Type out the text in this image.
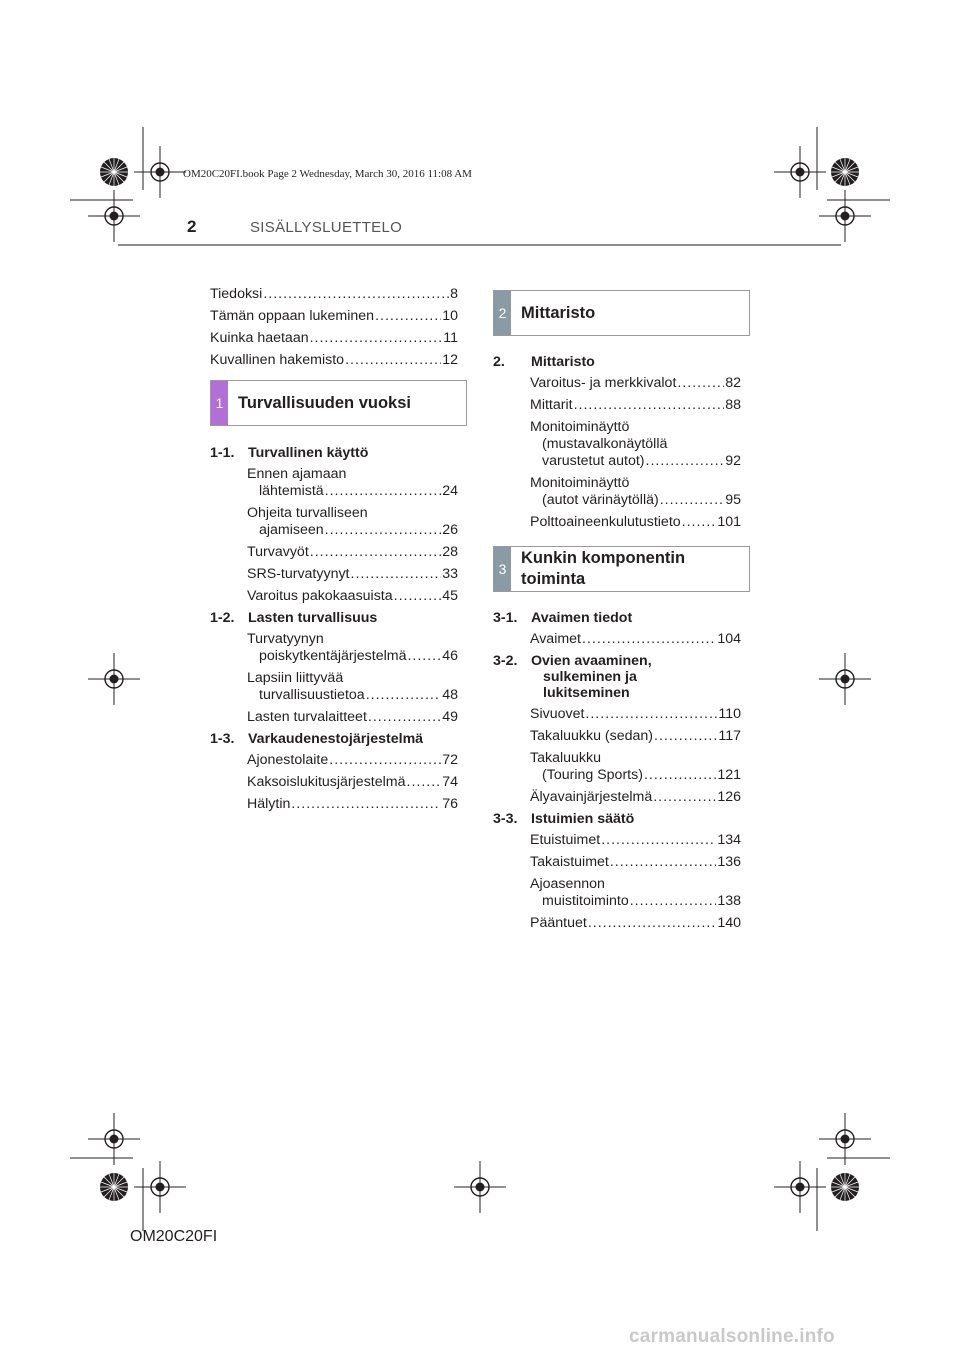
OM20C20FI.book Page 2 Wednesday, March 30, 2016 11:08 AM
2	SISÄLLYSLUETTELO
Tiedoksi .....	8
Tämän oppaan lukeminen .....	10
Kuinka haetaan .....	11
Kuvallinen hakemisto .....	12
1 Turvallisuuden vuoksi
1-1. Turvallinen käyttö
Ennen ajamaan
lähtemistä .....	24
Ohjeita turvalliseen
ajamiseen .....	26
Turvavyöt .....	28
SRS-turvatyynyt .....	33
Varoitus pakokaasuista .....	45
1-2. Lasten turvallisuus
Turvatyynyn
poiskytkentäjärjestelmä .....	46
Lapsiin liittyvää
turvallisuustietoa .....	48
Lasten turvalaitteet .....	49
1-3. Varkaudenestojärjestelmä
Ajonestolaite .....	72
Kaksoislukitusjärjestelmä .....	74
Hälytin .....	76
2 Mittaristo
2.	Mittaristo
Varoitus- ja merkkivalot .....	82
Mittarit .....	88
Monitoiminäyttö
(mustavalkonäytöllä
varustetut autot) .....	92
Monitoiminäyttö
(autot värinäytöllä) .....	95
Polttoaineenkulutustieto .....	101
3
Kunkin komponentin
toiminta
3-1. Avaimen tiedot
Avaimet .....	104
3-2. Ovien avaaminen,
sulkeminen ja
lukitseminen
Sivuovet .....	110
Takaluukku (sedan) .....	117
Takaluukku
(Touring Sports) .....	121
Älyavainjärjestelmä .....	126
3-3. Istuimien säätö
Etuistuimet .....	134
Takaistuimet .....	136
Ajoasennon
muistitoiminto .....	138
Pääntuet .....	140
OM20C20FI
carmanualsonline.info
